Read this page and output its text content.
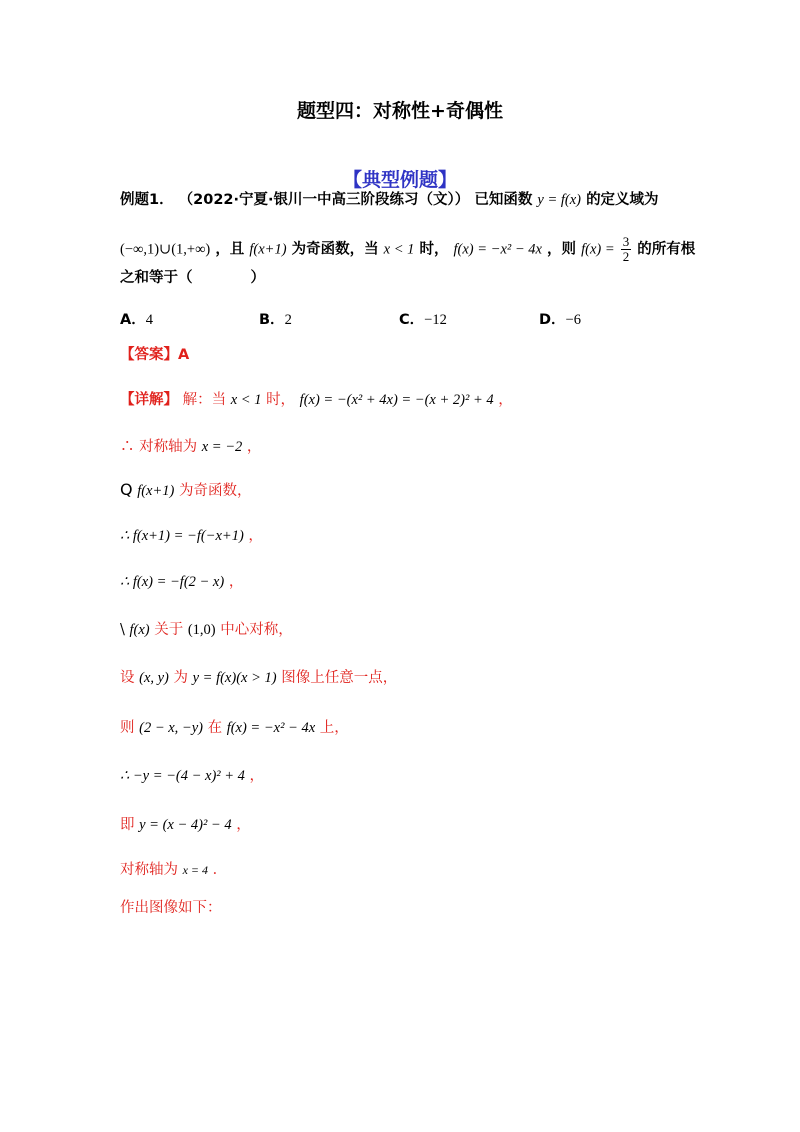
题型四：对称性+奇偶性
【典型例题】
例题1． （2022·宁夏·银川一中高三阶段练习（文）） 已知函数 y = f(x) 的定义域为
(−∞,1)∪(1,+∞) ，且 f(x+1) 为奇函数，当 x < 1 时， f(x) = −x² − 4x ，则 $f(x) = \frac{3}{2}$ 的所有根
之和等于（　　　　）
A．4	B．2	C．−12	D．−6
【答案】A
【详解】 解：当 x < 1 时， f(x) = −(x² + 4x) = −(x + 2)² + 4 ，
∴ 对称轴为 x = −2 ，
Q f(x+1) 为奇函数，
∴ f(x+1) = −f(−x+1) ，
∴ f(x) = −f(2 − x) ，
\ f(x) 关于 (1,0) 中心对称，
设 (x, y) 为 y = f(x)(x > 1) 图像上任意一点，
则 (2 − x, −y) 在 f(x) = −x² − 4x 上，
∴ −y = −(4 − x)² + 4 ，
即 y = (x − 4)² − 4 ，
对称轴为 x = 4 ．
作出图像如下：
